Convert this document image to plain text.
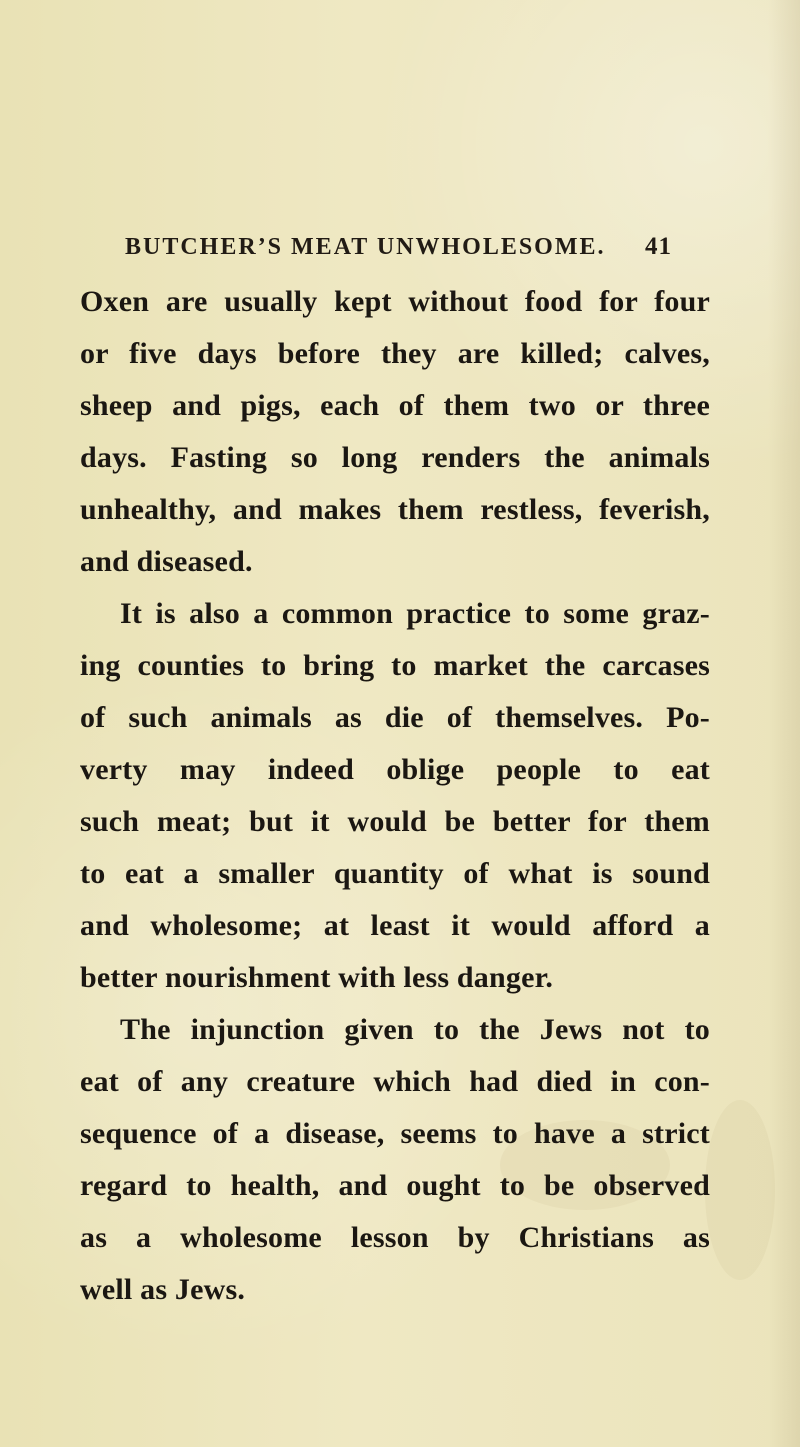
BUTCHER’S MEAT UNWHOLESOME. 41
Oxen are usually kept without food for four
or five days before they are killed; calves,
sheep and pigs, each of them two or three
days. Fasting so long renders the animals
unhealthy, and makes them restless, feverish,
and diseased.
It is also a common practice to some graz-
ing counties to bring to market the carcases
of such animals as die of themselves. Po-
verty may indeed oblige people to eat
such meat; but it would be better for them
to eat a smaller quantity of what is sound
and wholesome; at least it would afford a
better nourishment with less danger.
The injunction given to the Jews not to
eat of any creature which had died in con-
sequence of a disease, seems to have a strict
regard to health, and ought to be observed
as a wholesome lesson by Christians as
well as Jews.
